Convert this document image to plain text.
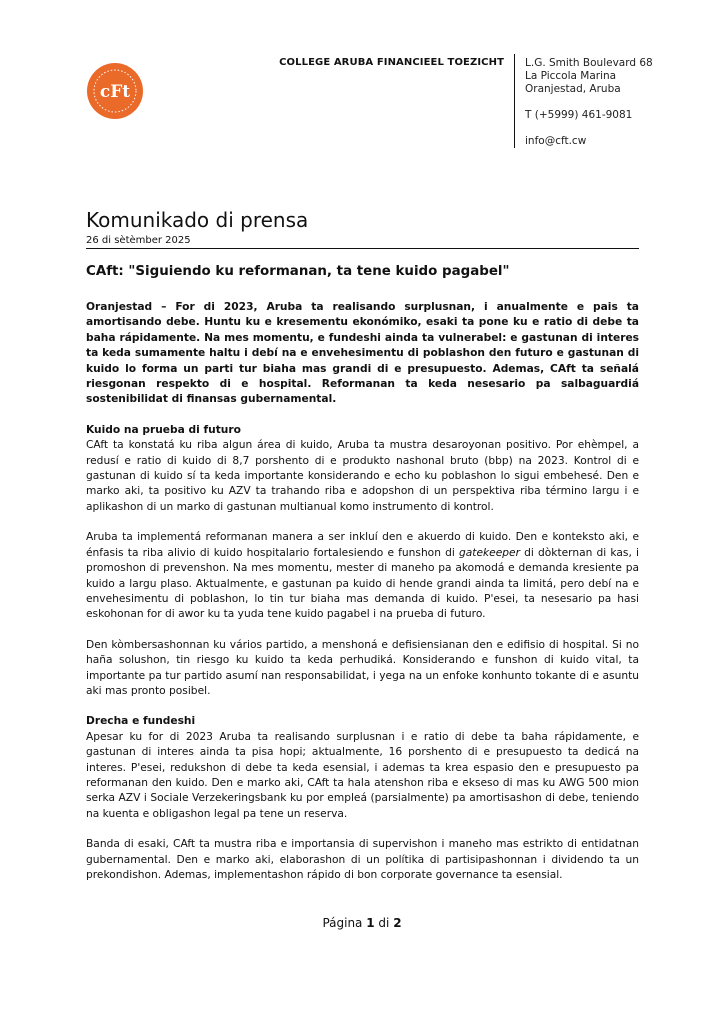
cFt
COLLEGE ARUBA FINANCIEEL TOEZICHT L.G. Smith Boulevard 68
La Piccola Marina
Oranjestad, Aruba
T (+5999) 461-9081
info@cft.cw
Komunikado di prensa
26 di sètèmber 2025
CAft: "Siguiendo ku reformanan, ta tene kuido pagabel"

Oranjestad – For di 2023, Aruba ta realisando surplusnan, i anualmente e pais ta amortisando debe. Huntu ku e kresementu ekonómiko, esaki ta pone ku e ratio di debe ta baha rápidamente. Na mes momentu, e fundeshi ainda ta vulnerabel: e gastunan di interes ta keda sumamente haltu i debí na e envehesimentu di poblashon den futuro e gastunan di kuido lo forma un parti tur biaha mas grandi di e presupuesto. Ademas, CAft ta señalá riesgonan respekto di e hospital. Reformanan ta keda nesesario pa salbaguardiá sostenibilidat di finansas gubernamental.

Kuido na prueba di futuro

CAft ta konstatá ku riba algun área di kuido, Aruba ta mustra desaroyonan positivo. Por ehèmpel, a redusí e ratio di kuido di 8,7 porshento di e produkto nashonal bruto (bbp) na 2023. Kontrol di e gastunan di kuido sí ta keda importante konsiderando e echo ku poblashon lo sigui embehesé. Den e marko aki, ta positivo ku AZV ta trahando riba e adopshon di un perspektiva riba término largu i e aplikashon di un marko di gastunan multianual komo instrumento di kontrol.

Aruba ta implementá reformanan manera a ser inkluí den e akuerdo di kuido. Den e konteksto aki, e énfasis ta riba alivio di kuido hospitalario fortalesiendo e funshon di gatekeeper di dòkternan di kas, i promoshon di prevenshon. Na mes momentu, mester di maneho pa akomodá e demanda kresiente pa kuido a largu plaso. Aktualmente, e gastunan pa kuido di hende grandi ainda ta limitá, pero debí na e envehesimentu di poblashon, lo tin tur biaha mas demanda di kuido. P'esei, ta nesesario pa hasi eskohonan for di awor ku ta yuda tene kuido pagabel i na prueba di futuro.

Den kòmbersashonnan ku vários partido, a menshoná e defisiensianan den e edifisio di hospital. Si no haña solushon, tin riesgo ku kuido ta keda perhudiká. Konsiderando e funshon di kuido vital, ta importante pa tur partido asumí nan responsabilidat, i yega na un enfoke konhunto tokante di e asuntu aki mas pronto posibel.

Drecha e fundeshi

Apesar ku for di 2023 Aruba ta realisando surplusnan i e ratio di debe ta baha rápidamente, e gastunan di interes ainda ta pisa hopi; aktualmente, 16 porshento di e presupuesto ta dedicá na interes. P'esei, redukshon di debe ta keda esensial, i ademas ta krea espasio den e presupuesto pa reformanan den kuido. Den e marko aki, CAft ta hala atenshon riba e ekseso di mas ku AWG 500 mion serka AZV i Sociale Verzekeringsbank ku por empleá (parsialmente) pa amortisashon di debe, teniendo na kuenta e obligashon legal pa tene un reserva.

Banda di esaki, CAft ta mustra riba e importansia di supervishon i maneho mas estrikto di entidatnan gubernamental. Den e marko aki, elaborashon di un polítika di partisipashonnan i dividendo ta un prekondishon. Ademas, implementashon rápido di bon corporate governance ta esensial.

Página 1 di 2
